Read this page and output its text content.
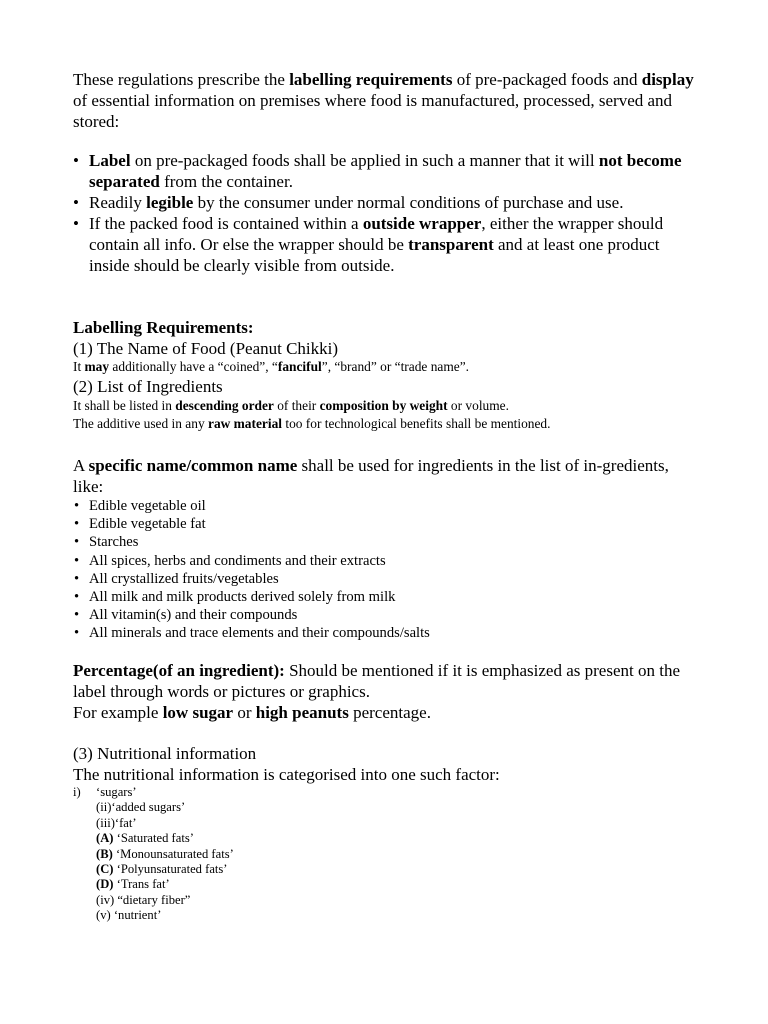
These regulations prescribe the labelling requirements of pre-packaged foods and display of essential information on premises where food is manufactured, processed, served and stored:

• Label on pre-packaged foods shall be applied in such a manner that it will not become separated from the container.
• Readily legible by the consumer under normal conditions of purchase and use.
• If the packed food is contained within a outside wrapper, either the wrapper should contain all info. Or else the wrapper should be transparent and at least one product inside should be clearly visible from outside.

Labelling Requirements:

(1) The Name of Food (Peanut Chikki)

It may additionally have a “coined”, “fanciful”, “brand” or “trade name”.

(2) List of Ingredients

It shall be listed in descending order of their composition by weight or volume.

The additive used in any raw material too for technological benefits shall be mentioned.

A specific name/common name shall be used for ingredients in the list of in-gredients, like:

• Edible vegetable oil
• Edible vegetable fat
• Starches
• All spices, herbs and condiments and their extracts
• All crystallized fruits/vegetables
• All milk and milk products derived solely from milk
• All vitamin(s) and their compounds
• All minerals and trace elements and their compounds/salts

Percentage(of an ingredient): Should be mentioned if it is emphasized as present on the label through words or pictures or graphics.

For example low sugar or high peanuts percentage.

(3) Nutritional information

The nutritional information is categorised into one such factor:

i) ‘sugars’
(ii)‘added sugars’
(iii)‘fat’
(A) ‘Saturated fats’
(B) ‘Monounsaturated fats’
(C) ‘Polyunsaturated fats’
(D) ‘Trans fat’
(iv) “dietary fiber”
(v) ‘nutrient’
